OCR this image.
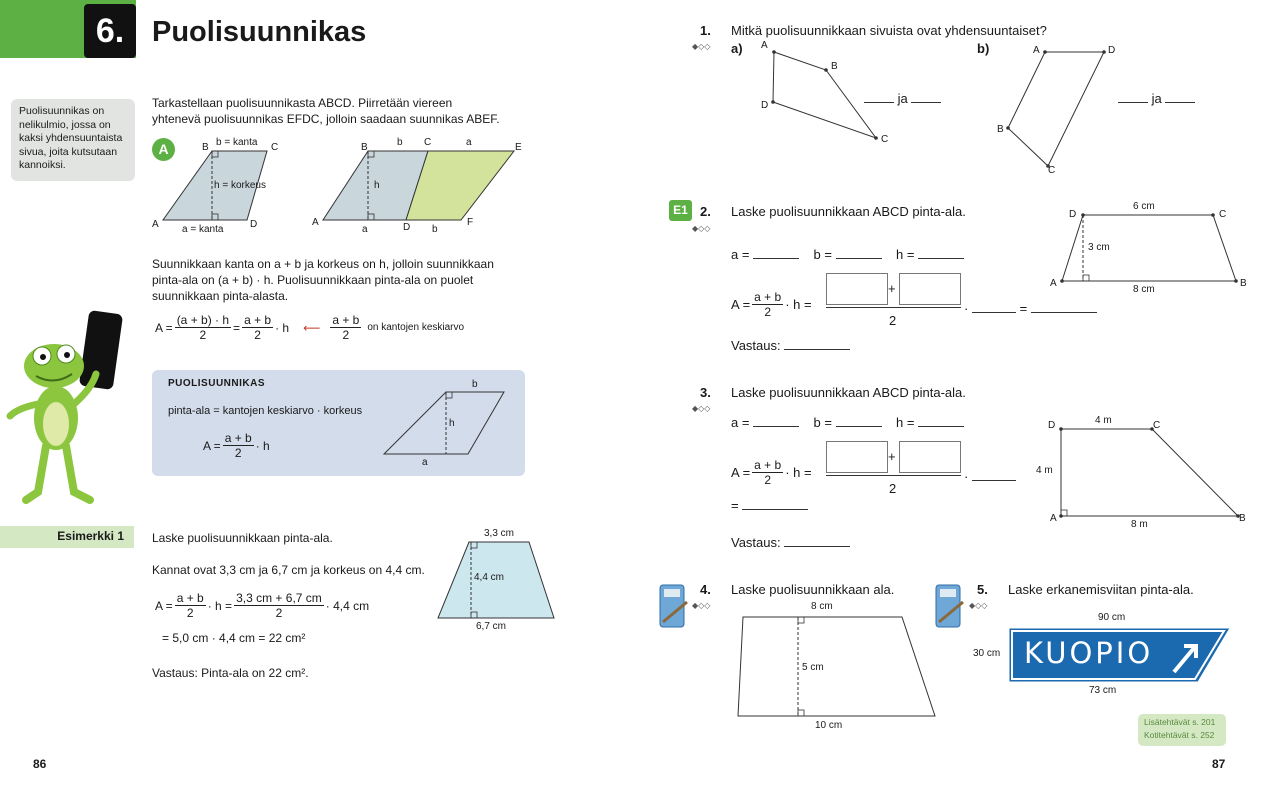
6. Puolisuunnikas
Puolisuunnikas on nelikulmio, jossa on kaksi yhdensuuntaista sivua, joita kutsutaan kannoiksi.
Tarkastellaan puolisuunnikasta ABCD. Piirretään viereen
yhtenevä puolisuunnikas EFDC, jolloin saadaan suunnikas ABEF.
A	B b = kanta C
h = korkeus
A	D
a = kanta
B	b C	a	E
h
A
a	D b
F
Suunnikkaan kanta on a + b ja korkeus on h, jolloin suunnikkaan
pinta-ala on (a + b) · h. Puolisuunnikkaan pinta-ala on puolet
suunnikkaan pinta-alasta.
$A = \frac{(a + b) \cdot h}{2} = \frac{a + b}{2} \cdot h$ ⟵ $\frac{a + b}{2}$ on kantojen keskiarvo
PUOLISUUNNIKAS
pinta-ala = kantojen keskiarvo · korkeus
$A = \frac{a + b}{2} \cdot h$
b
h
a
Esimerkki 1 Laske puolisuunnikkaan pinta-ala.
Kannat ovat 3,3 cm ja 6,7 cm ja korkeus on 4,4 cm.
$A = \frac{a + b}{2} \cdot h = \frac{3,3 cm + 6,7 cm}{2} \cdot 4,4$ cm
= 5,0 cm · 4,4 cm = 22 cm²
Vastaus: Pinta-ala on 22 cm².
3,3 cm
4,4 cm
6,7 cm
86
1. Mitkä puolisuunnikkaan sivuista ovat yhdensuuntaiset?
◆◇◇ a) A
B
C
D	ja
b)	A	D
B
C
ja
E1 2. Laske puolisuunnikkaan ABCD pinta-ala.
◆◇◇
a =	b =	h =
$A = \frac{a + b}{2} \cdot h$ =
+
2
·	=
Vastaus:
D
6 cm
C
3 cm
A
8 cm
B
3. Laske puolisuunnikkaan ABCD pinta-ala.
◆◇◇
a =	b =	h =
$A = \frac{a + b}{2} \cdot h$ =
+
2
·
=
Vastaus:
D	4 m	C
4 m
A
8 m
B
4. Laske puolisuunnikkaan ala.
◆◇◇	8 cm
5 cm
10 cm
5. Laske erkanemisviitan pinta-ala.
◆◇◇
90 cm
30 cm KUOPIO
73 cm
Lisätehtävät s. 201
Kotitehtävät s. 252
87
